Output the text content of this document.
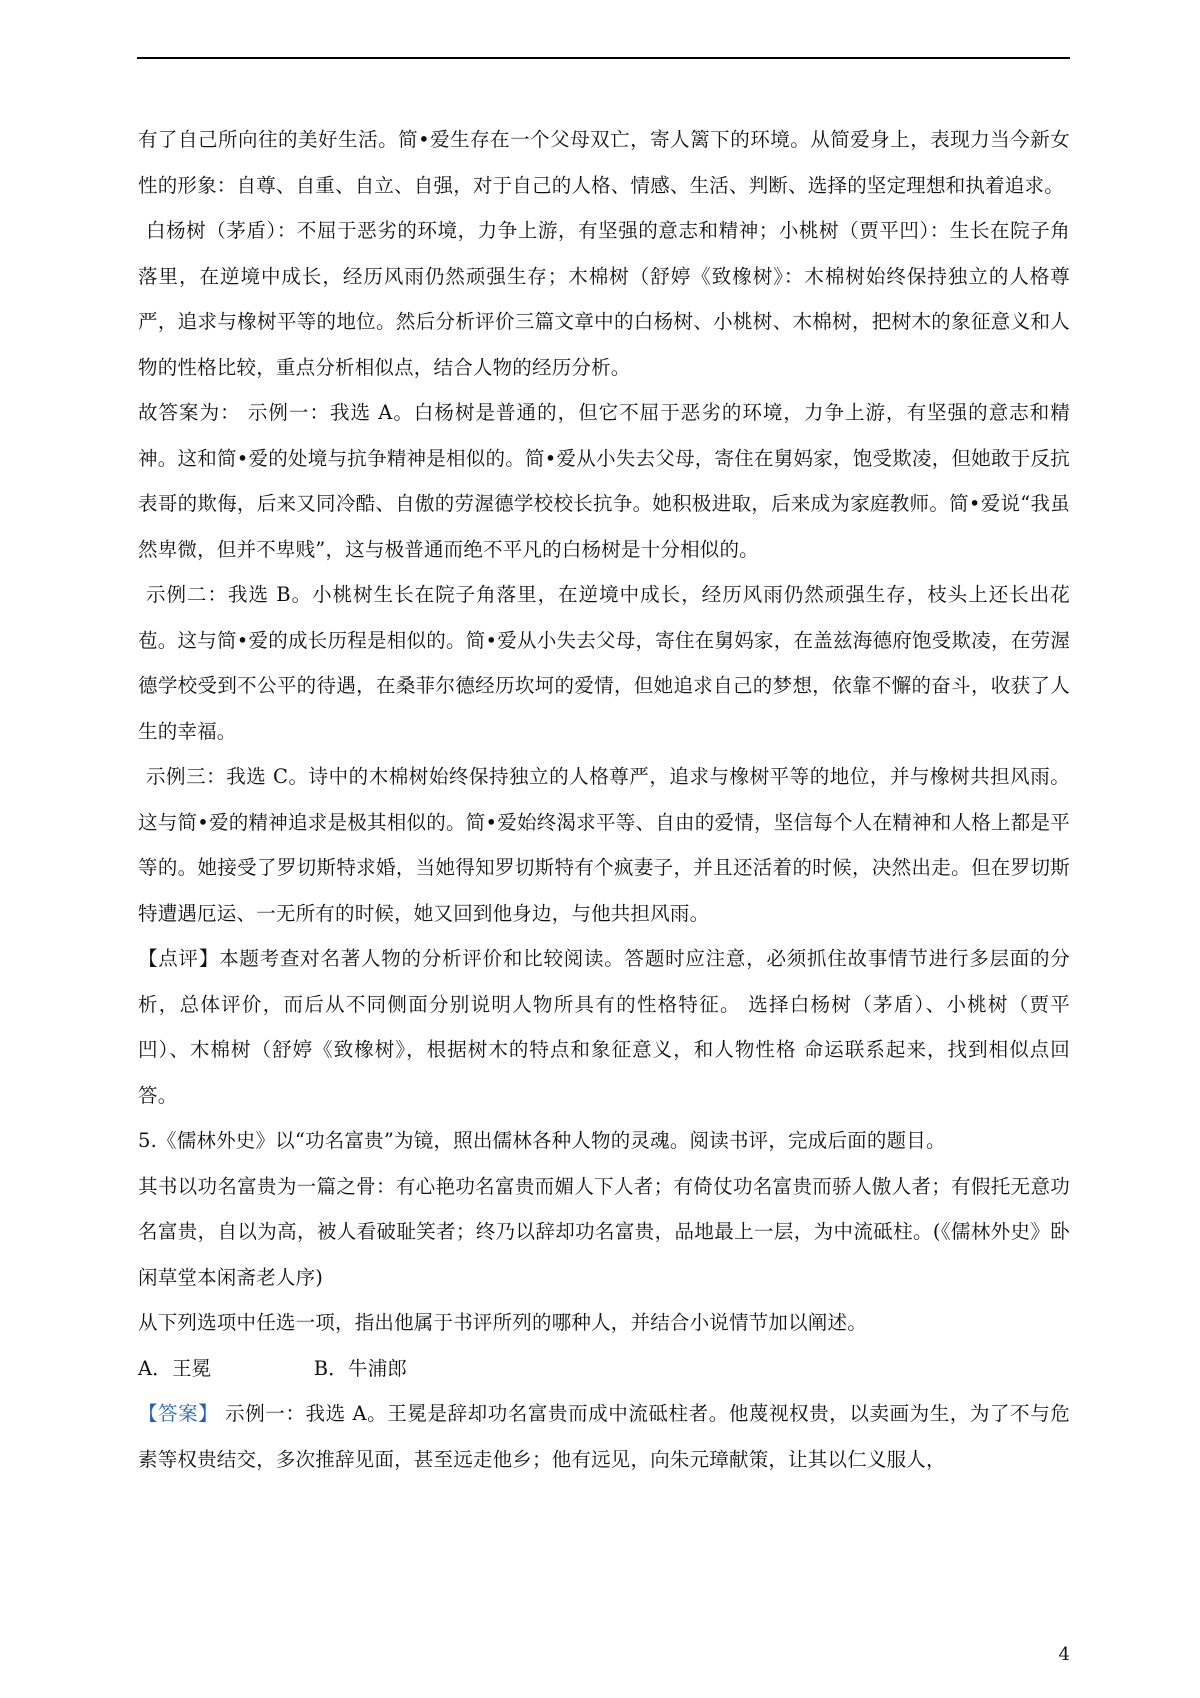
有了自己所向往的美好生活。简•爱生存在一个父母双亡，寄人篱下的环境。从简爱身上，表现力当今新女性的形象：自尊、自重、自立、自强，对于自己的人格、情感、生活、判断、选择的坚定理想和执着追求。

白杨树（茅盾）：不屈于恶劣的环境，力争上游，有坚强的意志和精神；小桃树（贾平凹）：生长在院子角落里，在逆境中成长，经历风雨仍然顽强生存；木棉树（舒婷《致橡树》：木棉树始终保持独立的人格尊严，追求与橡树平等的地位。然后分析评价三篇文章中的白杨树、小桃树、木棉树，把树木的象征意义和人物的性格比较，重点分析相似点，结合人物的经历分析。

故答案为： 示例一：我选 A。白杨树是普通的，但它不屈于恶劣的环境，力争上游，有坚强的意志和精神。这和简•爱的处境与抗争精神是相似的。简•爱从小失去父母，寄住在舅妈家，饱受欺凌，但她敢于反抗表哥的欺侮，后来又同冷酷、自傲的劳渥德学校校长抗争。她积极进取，后来成为家庭教师。简•爱说“我虽然卑微，但并不卑贱”，这与极普通而绝不平凡的白杨树是十分相似的。

示例二：我选 B。小桃树生长在院子角落里，在逆境中成长，经历风雨仍然顽强生存，枝头上还长出花苞。这与简•爱的成长历程是相似的。简•爱从小失去父母，寄住在舅妈家，在盖兹海德府饱受欺凌，在劳渥德学校受到不公平的待遇，在桑菲尔德经历坎坷的爱情，但她追求自己的梦想，依靠不懈的奋斗，收获了人生的幸福。

示例三：我选 C。诗中的木棉树始终保持独立的人格尊严，追求与橡树平等的地位，并与橡树共担风雨。这与简•爱的精神追求是极其相似的。简•爱始终渴求平等、自由的爱情，坚信每个人在精神和人格上都是平等的。她接受了罗切斯特求婚，当她得知罗切斯特有个疯妻子，并且还活着的时候，决然出走。但在罗切斯特遭遇厄运、一无所有的时候，她又回到他身边，与他共担风雨。

【点评】本题考查对名著人物的分析评价和比较阅读。答题时应注意，必须抓住故事情节进行多层面的分析，总体评价，而后从不同侧面分别说明人物所具有的性格特征。 选择白杨树（茅盾）、小桃树（贾平凹）、木棉树（舒婷《致橡树》，根据树木的特点和象征意义，和人物性格 命运联系起来，找到相似点回答。

5.《儒林外史》以“功名富贵”为镜，照出儒林各种人物的灵魂。阅读书评，完成后面的题目。

其书以功名富贵为一篇之骨：有心艳功名富贵而媚人下人者；有倚仗功名富贵而骄人傲人者；有假托无意功名富贵，自以为高，被人看破耻笑者；终乃以辞却功名富贵，品地最上一层，为中流砥柱。(《儒林外史》卧闲草堂本闲斋老人序)

从下列选项中任选一项，指出他属于书评所列的哪种人，并结合小说情节加以阐述。

A．王冕	B．牛浦郎

【答案】 示例一：我选 A。王冕是辞却功名富贵而成中流砥柱者。他蔑视权贵，以卖画为生，为了不与危素等权贵结交，多次推辞见面，甚至远走他乡；他有远见，向朱元璋献策，让其以仁义服人，

4
